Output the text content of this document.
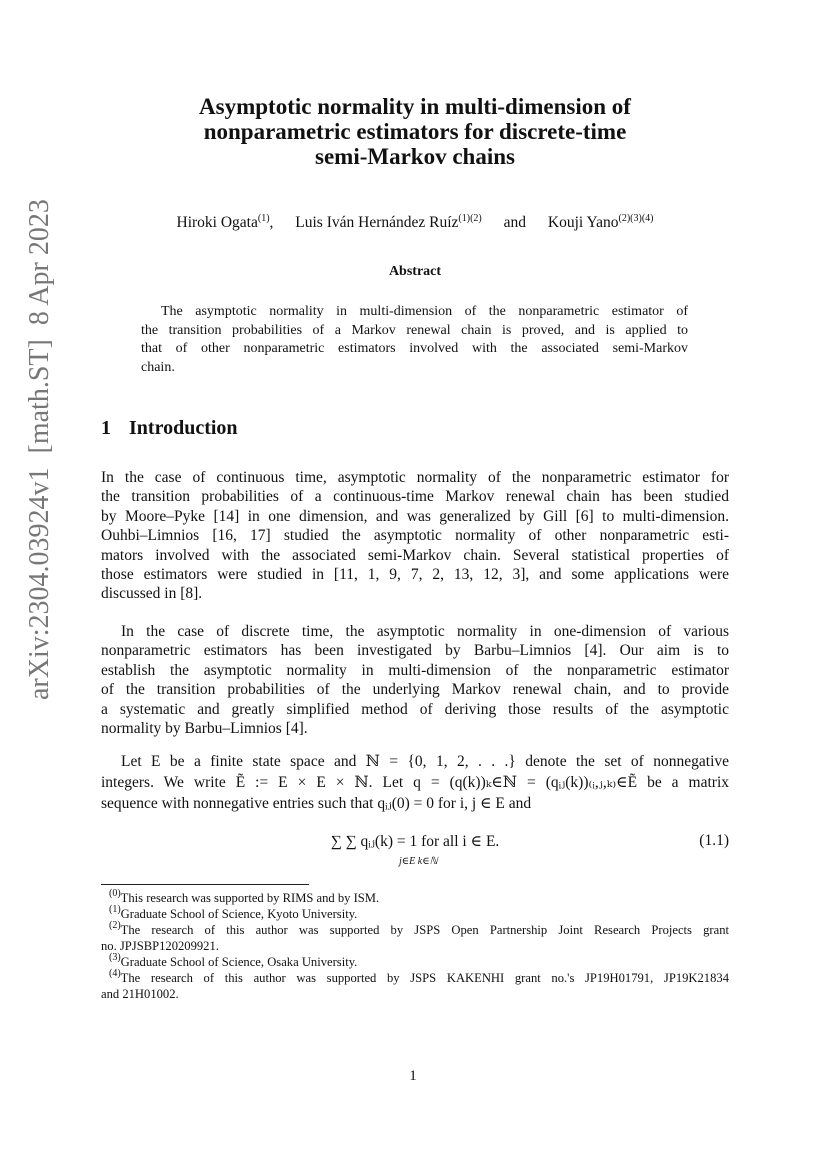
arXiv:2304.03924v1  [math.ST]  8 Apr 2023
Asymptotic normality in multi-dimension of
nonparametric estimators for discrete-time
semi-Markov chains
Hiroki Ogata$^{(1)}$, Luis Iván Hernández Ruíz$^{(1)(2)}$ and Kouji Yano$^{(2)(3)(4)}$
Abstract
The asymptotic normality in multi-dimension of the nonparametric estimator of
the transition probabilities of a Markov renewal chain is proved, and is applied to
that of other nonparametric estimators involved with the associated semi-Markov
chain.
1 Introduction
In the case of continuous time, asymptotic normality of the nonparametric estimator for
the transition probabilities of a continuous-time Markov renewal chain has been studied
by Moore–Pyke [14] in one dimension, and was generalized by Gill [6] to multi-dimension.
Ouhbi–Limnios [16, 17] studied the asymptotic normality of other nonparametric esti-
mators involved with the associated semi-Markov chain. Several statistical properties of
those estimators were studied in [11, 1, 9, 7, 2, 13, 12, 3], and some applications were
discussed in [8].
In the case of discrete time, the asymptotic normality in one-dimension of various
nonparametric estimators has been investigated by Barbu–Limnios [4]. Our aim is to
establish the asymptotic normality in multi-dimension of the nonparametric estimator
of the transition probabilities of the underlying Markov renewal chain, and to provide
a systematic and greatly simplified method of deriving those results of the asymptotic
normality by Barbu–Limnios [4].
Let E be a finite state space and ℕ = {0, 1, 2, . . .} denote the set of nonnegative
integers. We write Ẽ := E × E × ℕ. Let q = (q(k))ₖ∈ℕ = (qᵢⱼ(k))₍ᵢ,ⱼ,ₖ₎∈Ẽ be a matrix
sequence with nonnegative entries such that qᵢⱼ(0) = 0 for i, j ∈ E and
∑ ∑ qᵢⱼ(k) = 1 for all i ∈ E.
j∈E k∈ℕ
(1.1)
$^{(0)}$This research was supported by RIMS and by ISM.
$^{(1)}$Graduate School of Science, Kyoto University.
$^{(2)}$The research of this author was supported by JSPS Open Partnership Joint Research Projects grant
no. JPJSBP120209921.
$^{(3)}$Graduate School of Science, Osaka University.
$^{(4)}$The research of this author was supported by JSPS KAKENHI grant no.'s JP19H01791, JP19K21834
and 21H01002.
1
